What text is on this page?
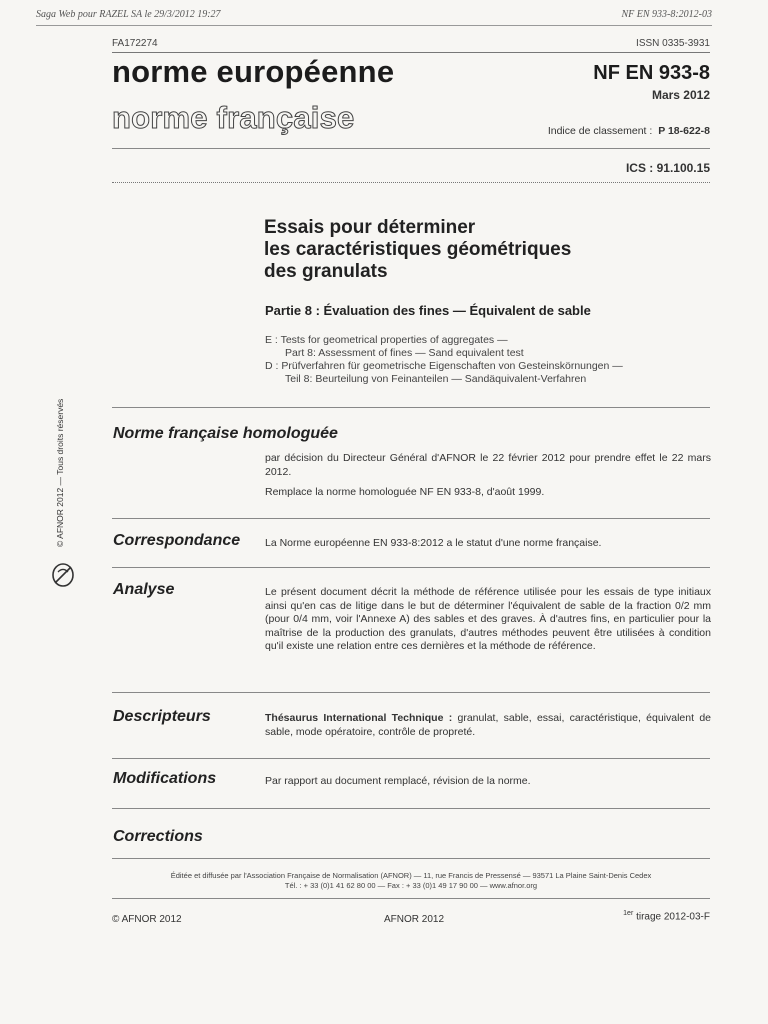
Saga Web pour RAZEL SA le 29/3/2012 19:27	NF EN 933-8:2012-03
FA172274	ISSN 0335-3931
norme européenne
norme française
NF EN 933-8
Mars 2012
Indice de classement : P 18-622-8
ICS : 91.100.15
Essais pour déterminer
les caractéristiques géométriques
des granulats
Partie 8 : Évaluation des fines — Équivalent de sable
E : Tests for geometrical properties of aggregates —
Part 8: Assessment of fines — Sand equivalent test
D : Prüfverfahren für geometrische Eigenschaften von Gesteinskörnungen —
Teil 8: Beurteilung von Feinanteilen — Sandäquivalent-Verfahren
© AFNOR 2012 — Tous droits réservés	Norme française homologuée
par décision du Directeur Général d'AFNOR le 22 février 2012 pour prendre effet le 22 mars 2012.
Remplace la norme homologuée NF EN 933-8, d'août 1999.
Correspondance La Norme européenne EN 933-8:2012 a le statut d'une norme française.
Analyse	Le présent document décrit la méthode de référence utilisée pour les essais de type initiaux ainsi qu'en cas de litige dans le but de déterminer l'équivalent de sable de la fraction 0/2 mm (pour 0/4 mm, voir l'Annexe A) des sables et des graves. À d'autres fins, en particulier pour la maîtrise de la production des granulats, d'autres méthodes peuvent être utilisées à condition qu'il existe une relation entre ces dernières et la méthode de référence.
Descripteurs	Thésaurus International Technique : granulat, sable, essai, caractéristique, équivalent de sable, mode opératoire, contrôle de propreté.
Modifications	Par rapport au document remplacé, révision de la norme.
Corrections
Éditée et diffusée par l'Association Française de Normalisation (AFNOR) — 11, rue Francis de Pressensé — 93571 La Plaine Saint-Denis Cedex
Tél. : + 33 (0)1 41 62 80 00 — Fax : + 33 (0)1 49 17 90 00 — www.afnor.org
© AFNOR 2012	AFNOR 2012
$^{1er}$ tirage 2012-03-F
